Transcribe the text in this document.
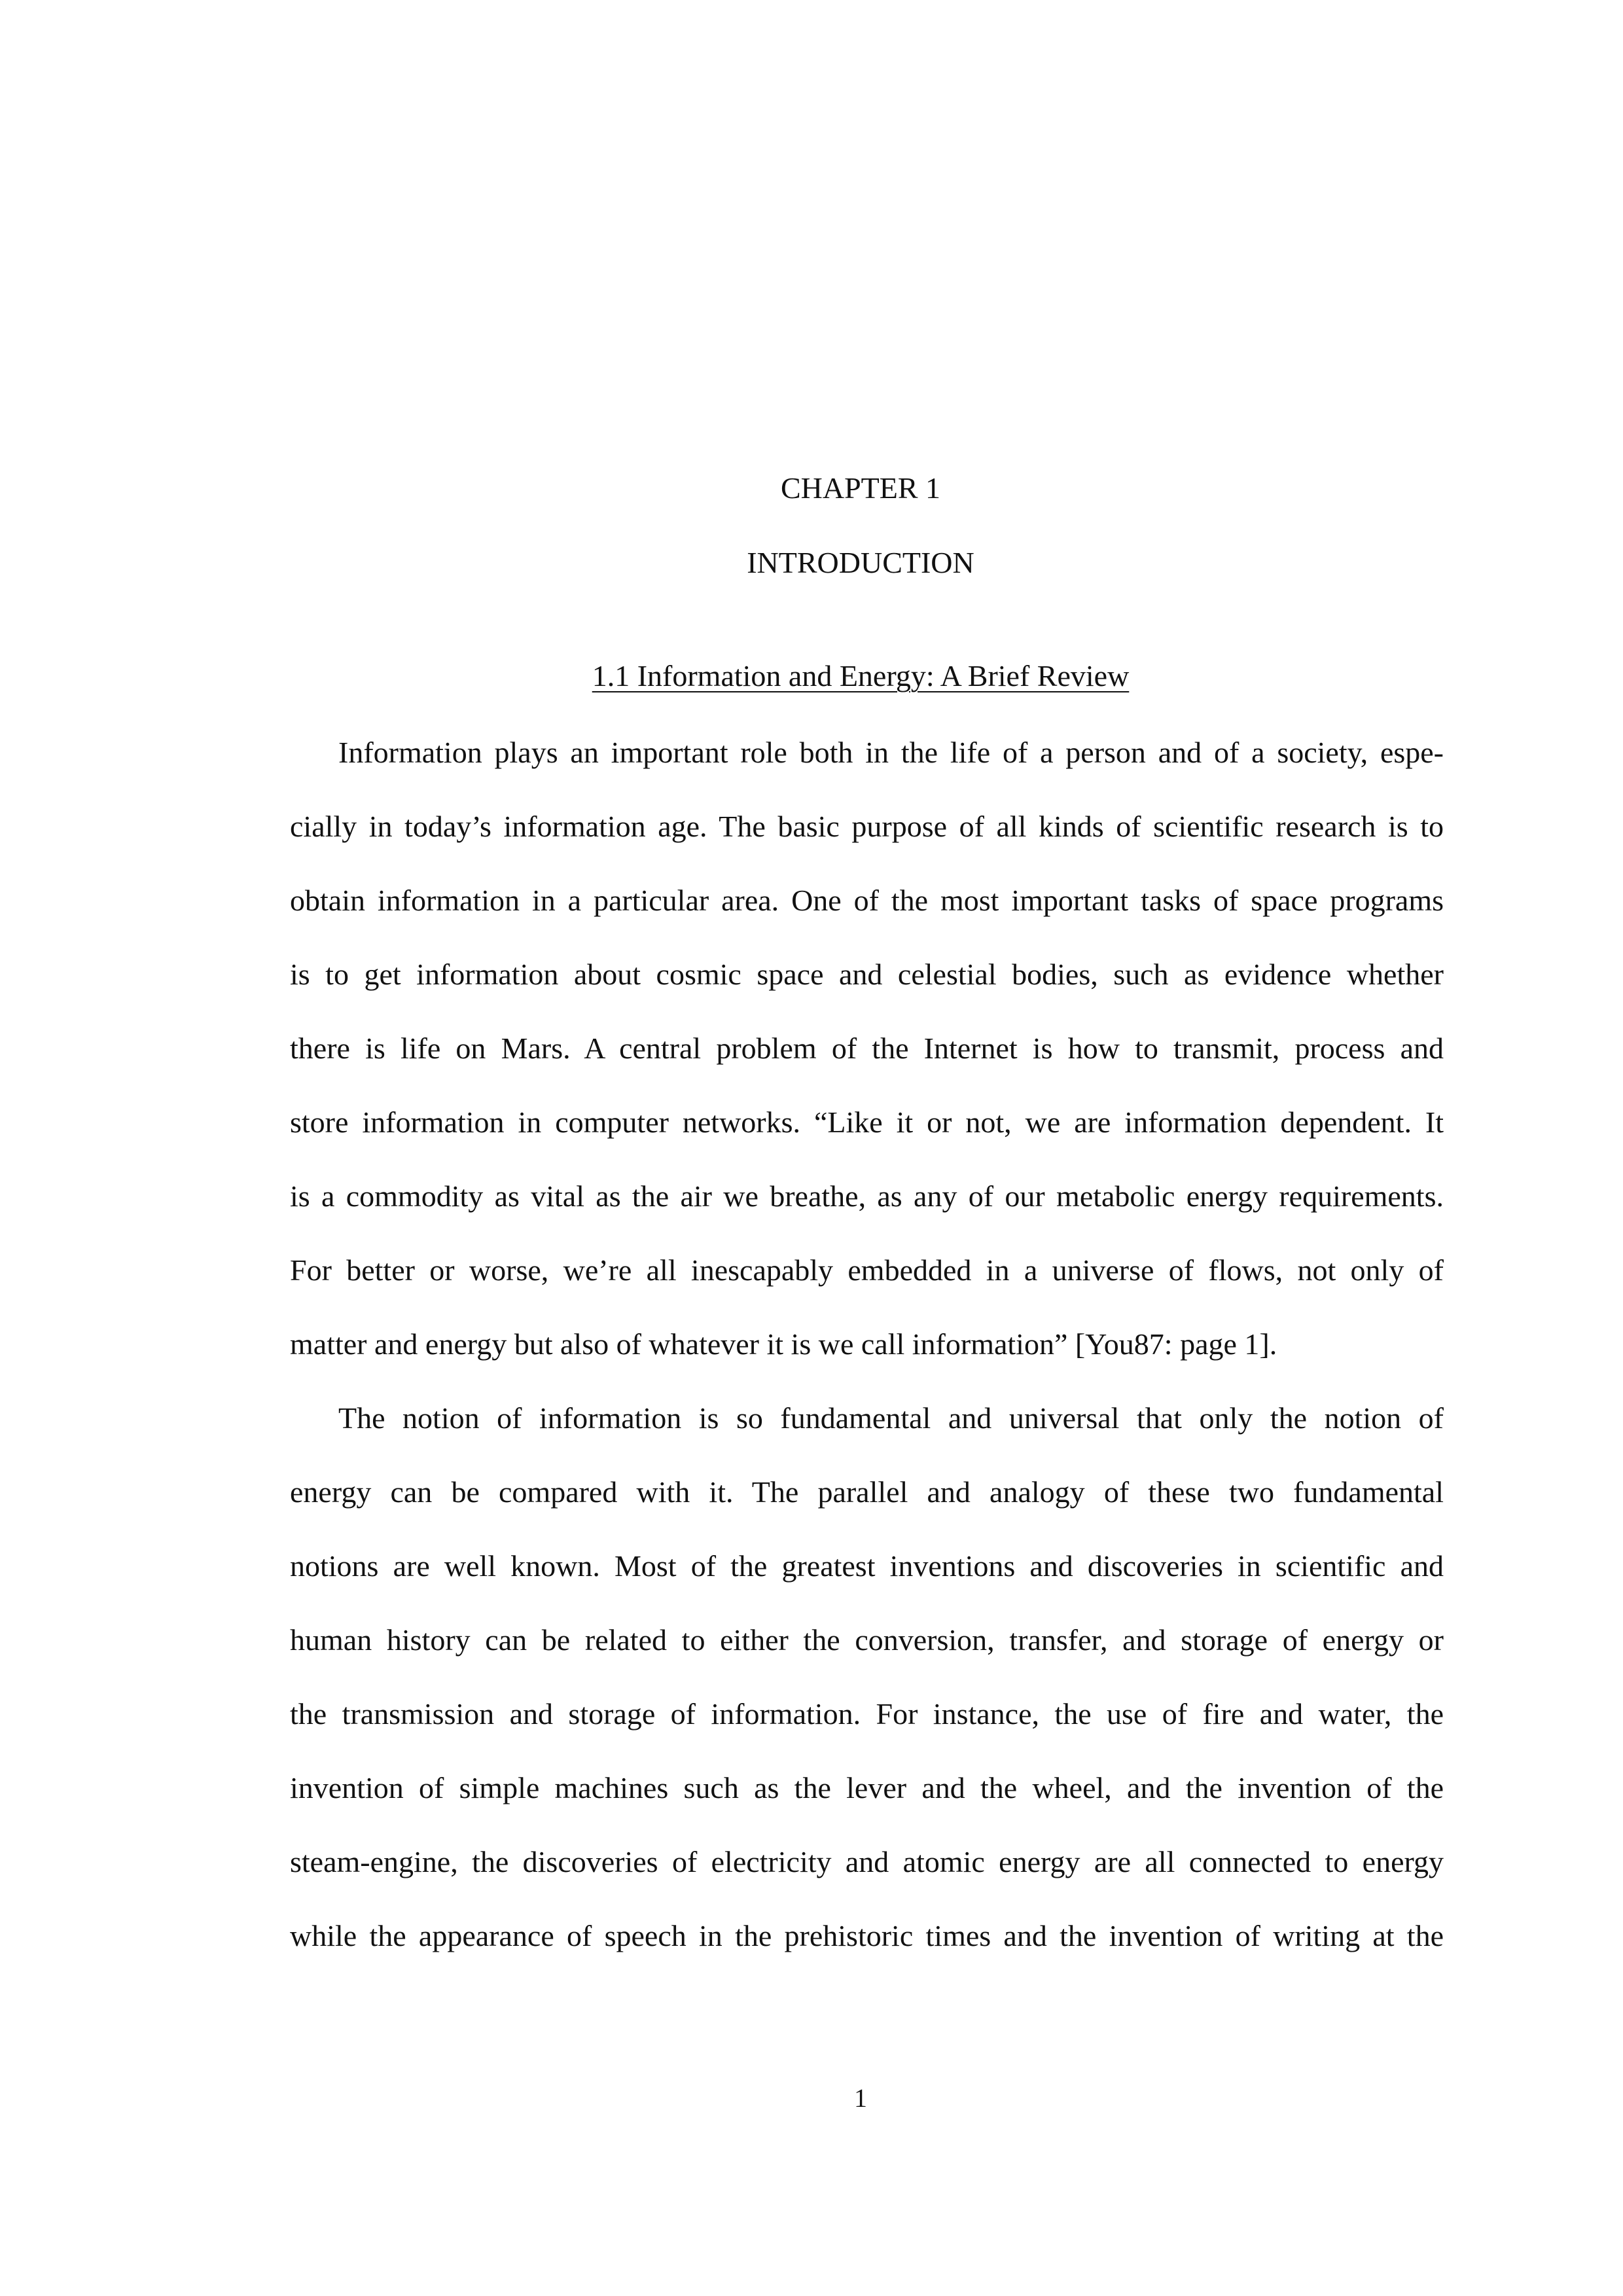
CHAPTER 1
INTRODUCTION
1.1 Information and Energy: A Brief Review

Information plays an important role both in the life of a person and of a society, espe-

cially in today’s information age. The basic purpose of all kinds of scientific research is to

obtain information in a particular area. One of the most important tasks of space programs

is to get information about cosmic space and celestial bodies, such as evidence whether

there is life on Mars. A central problem of the Internet is how to transmit, process and

store information in computer networks. “Like it or not, we are information dependent. It

is a commodity as vital as the air we breathe, as any of our metabolic energy requirements.

For better or worse, we’re all inescapably embedded in a universe of flows, not only of

matter and energy but also of whatever it is we call information” [You87: page 1].

The notion of information is so fundamental and universal that only the notion of

energy can be compared with it. The parallel and analogy of these two fundamental

notions are well known. Most of the greatest inventions and discoveries in scientific and

human history can be related to either the conversion, transfer, and storage of energy or

the transmission and storage of information. For instance, the use of fire and water, the

invention of simple machines such as the lever and the wheel, and the invention of the

steam-engine, the discoveries of electricity and atomic energy are all connected to energy

while the appearance of speech in the prehistoric times and the invention of writing at the

1
